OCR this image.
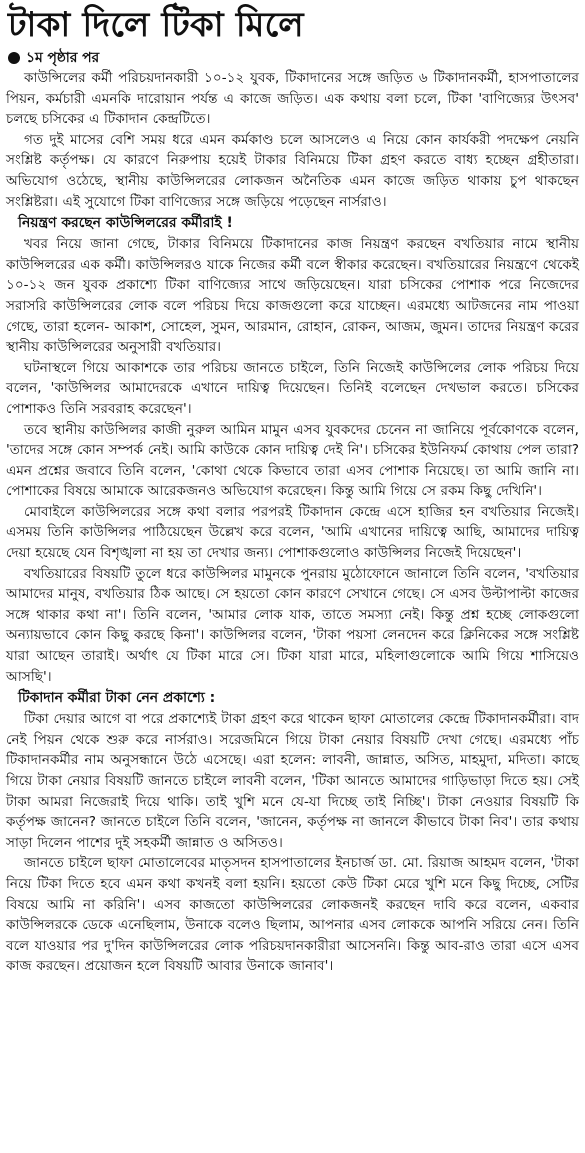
টাকা দিলে টিকা মিলে
১ম পৃষ্ঠার পর

কাউন্সিলের কর্মী পরিচয়দানকারী ১০-১২ যুবক, টিকাদানের সঙ্গে জড়িত ৬ টিকাদানকর্মী, হাসপাতালের পিয়ন, কর্মচারী এমনকি দারোয়ান পর্যন্ত এ কাজে জড়িত। এক কথায় বলা চলে, টিকা 'বাণিজ্যের উৎসব' চলছে চসিকের এ টিকাদান কেন্দ্রটিতে।

গত দুই মাসের বেশি সময় ধরে এমন কর্মকাণ্ড চলে আসলেও এ নিয়ে কোন কার্যকরী পদক্ষেপ নেয়নি সংশ্লিষ্ট কর্তৃপক্ষ। যে কারণে নিরুপায় হয়েই টাকার বিনিময়ে টিকা গ্রহণ করতে বাধ্য হচ্ছেন গ্রহীতারা। অভিযোগ ওঠেছে, স্থানীয় কাউন্সিলরের লোকজন অনৈতিক এমন কাজে জড়িত থাকায় চুপ থাকছেন সংশ্লিষ্টরা। এই সুযোগে টিকা বাণিজ্যের সঙ্গে জড়িয়ে পড়েছেন নার্সরাও।

নিয়ন্ত্রণ করছেন কাউন্সিলরের কর্মীরাই !

খবর নিয়ে জানা গেছে, টাকার বিনিময়ে টিকাদানের কাজ নিয়ন্ত্রণ করছেন বখতিয়ার নামে স্থানীয় কাউন্সিলরের এক কর্মী। কাউন্সিলরও যাকে নিজের কর্মী বলে স্বীকার করেছেন। বখতিয়ারের নিয়ন্ত্রণে থেকেই ১০-১২ জন যুবক প্রকাশ্যে টিকা বাণিজ্যের সাথে জড়িয়েছেন। যারা চসিকের পোশাক পরে নিজেদের সরাসরি কাউন্সিলরের লোক বলে পরিচয় দিয়ে কাজগুলো করে যাচ্ছেন। এরমধ্যে আটজনের নাম পাওয়া গেছে, তারা হলেন- আকাশ, সোহেল, সুমন, আরমান, রোহান, রোকন, আজম, জুমন। তাদের নিয়ন্ত্রণ করের স্থানীয় কাউন্সিলরের অনুসারী বখতিয়ার।

ঘটনাস্থলে গিয়ে আকাশকে তার পরিচয় জানতে চাইলে, তিনি নিজেই কাউন্সিলের লোক পরিচয় দিয়ে বলেন, 'কাউন্সিলর আমাদেরকে এখানে দায়িত্ব দিয়েছেন। তিনিই বলেছেন দেখভাল করতে। চসিকের পোশাকও তিনি সরবরাহ করেছেন'।

তবে স্থানীয় কাউন্সিলর কাজী নুরুল আমিন মামুন এসব যুবকদের চেনেন না জানিয়ে পূর্বকোণকে বলেন, 'তাদের সঙ্গে কোন সম্পর্ক নেই। আমি কাউকে কোন দায়িত্ব দেই নি'। চসিকের ইউনিফর্ম কোথায় পেল তারা? এমন প্রশ্নের জবাবে তিনি বলেন, 'কোথা থেকে কিভাবে তারা এসব পোশাক নিয়েছে। তা আমি জানি না। পোশাকের বিষয়ে আমাকে আরেকজনও অভিযোগ করেছেন। কিন্তু আমি গিয়ে সে রকম কিছু দেখিনি'।

মোবাইলে কাউন্সিলরের সঙ্গে কথা বলার পরপরই টিকাদান কেন্দ্রে এসে হাজির হন বখতিয়ার নিজেই। এসময় তিনি কাউন্সিলর পাঠিয়েছেন উল্লেখ করে বলেন, 'আমি এখানের দায়িত্বে আছি, আমাদের দায়িত্ব দেয়া হয়েছে যেন বিশৃঙ্খলা না হয় তা দেখার জন্য। পোশাকগুলোও কাউন্সিলর নিজেই দিয়েছেন'।

বখতিয়ারের বিষয়টি তুলে ধরে কাউন্সিলর মামুনকে পুনরায় মুঠোফোনে জানালে তিনি বলেন, 'বখতিয়ার আমাদের মানুষ, বখতিয়ার ঠিক আছে। সে হয়তো কোন কারণে সেখানে গেছে। সে এসব উল্টাপাল্টা কাজের সঙ্গে থাকার কথা না'। তিনি বলেন, 'আমার লোক যাক, তাতে সমস্যা নেই। কিন্তু প্রশ্ন হচ্ছে লোকগুলো অন্যায়ভাবে কোন কিছু করছে কিনা'। কাউন্সিলর বলেন, 'টাকা পয়সা লেনদেন করে ক্লিনিকের সঙ্গে সংশ্লিষ্ট যারা আছেন তারাই। অর্থাৎ যে টিকা মারে সে। টিকা যারা মারে, মহিলাগুলোকে আমি গিয়ে শাসিয়েও আসছি'।

টিকাদান কর্মীরা টাকা নেন প্রকাশ্যে :

টিকা দেয়ার আগে বা পরে প্রকাশ্যেই টাকা গ্রহণ করে থাকেন ছাফা মোতালের কেন্দ্রে টিকাদানকর্মীরা। বাদ নেই পিয়ন থেকে শুরু করে নার্সরাও। সরেজমিনে গিয়ে টাকা নেয়ার বিষয়টি দেখা গেছে। এরমধ্যে পাঁচ টিকাদানকর্মীর নাম অনুসন্ধানে উঠে এসেছে। এরা হলেন: লাবনী, জান্নাত, অসিত, মাহমুদা, মদিতা। কাছে গিয়ে টাকা নেয়ার বিষয়টি জানতে চাইলে লাবনী বলেন, 'টিকা আনতে আমাদের গাড়িভাড়া দিতে হয়। সেই টাকা আমরা নিজেরাই দিয়ে থাকি। তাই খুশি মনে যে-যা দিচ্ছে তাই নিচ্ছি'। টাকা নেওয়ার বিষয়টি কি কর্তৃপক্ষ জানেন? জানতে চাইলে তিনি বলেন, 'জানেন, কর্তৃপক্ষ না জানলে কীভাবে টাকা নিব'। তার কথায় সাড়া দিলেন পাশের দুই সহকর্মী জান্নাত ও অসিতও।

জানতে চাইলে ছাফা মোতালেবের মাতৃসদন হাসপাতালের ইনচার্জ ডা. মো. রিয়াজ আহমদ বলেন, 'টাকা নিয়ে টিকা দিতে হবে এমন কথা কখনই বলা হয়নি। হয়তো কেউ টিকা মেরে খুশি মনে কিছু দিচ্ছে, সেটির বিষয়ে আমি না করিনি'। এসব কাজতো কাউন্সিলরের লোকজনই করছেন দাবি করে বলেন, একবার কাউন্সিলরকে ডেকে এনেছিলাম, উনাকে বলেও ছিলাম, আপনার এসব লোককে আপনি সরিয়ে নেন। তিনি বলে যাওয়ার পর দু'দিন কাউন্সিলরের লোক পরিচয়দানকারীরা আসেননি। কিন্তু আব-রাও তারা এসে এসব কাজ করছেন। প্রয়োজন হলে বিষয়টি আবার উনাকে জানাব'।
